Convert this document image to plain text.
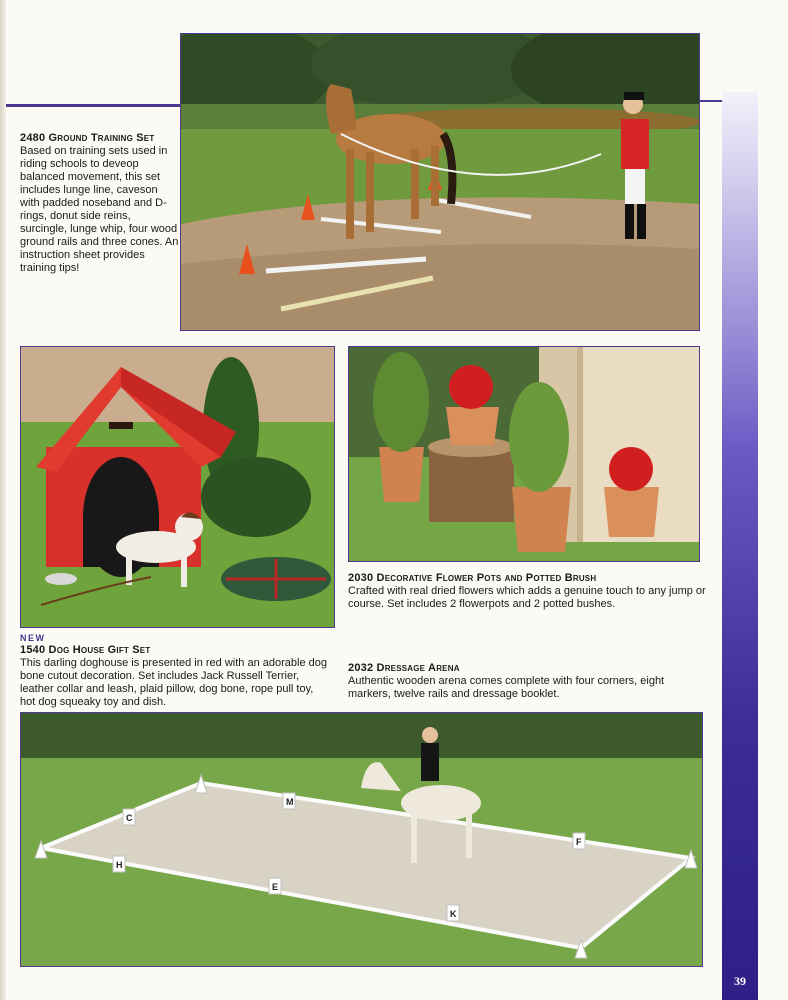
2480 Ground Training Set
Based on training sets used in riding schools to deveop balanced movement, this set includes lunge line, caveson with padded noseband and D-rings, donut side reins, surcingle, lunge whip, four wood ground rails and three cones. An instruction sheet provides training tips!
NEW
1540 Dog House Gift Set
This darling doghouse is presented in red with an adorable dog bone cutout decoration. Set includes Jack Russell Terrier, leather collar and leash, plaid pillow, dog bone, rope pull toy, hot dog squeaky toy and dish.
2030 Decorative Flower Pots and Potted Brush
Crafted with real dried flowers which adds a genuine touch to any jump or course. Set includes 2 flowerpots and 2 potted bushes.
2032 Dressage Arena
Authentic wooden arena comes complete with four corners, eight markers, twelve rails and dressage booklet.
C
M
F
K
E
H
39
